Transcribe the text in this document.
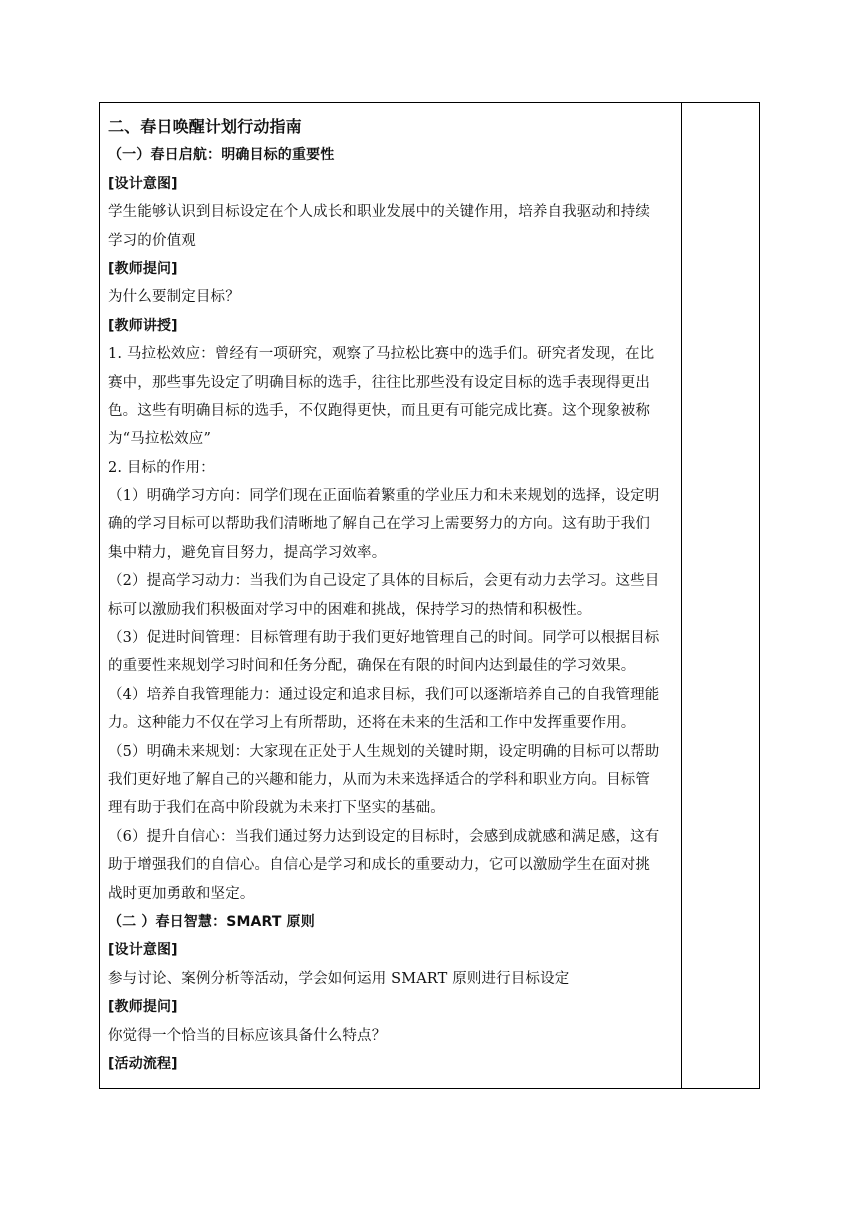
二、春日唤醒计划行动指南
（一）春日启航：明确目标的重要性
[设计意图]
学生能够认识到目标设定在个人成长和职业发展中的关键作用，培养自我驱动和持续
学习的价值观
[教师提问]
为什么要制定目标？
[教师讲授]
1. 马拉松效应：曾经有一项研究，观察了马拉松比赛中的选手们。研究者发现，在比
赛中，那些事先设定了明确目标的选手，往往比那些没有设定目标的选手表现得更出
色。这些有明确目标的选手，不仅跑得更快，而且更有可能完成比赛。这个现象被称
为“马拉松效应”
2. 目标的作用：
（1）明确学习方向：同学们现在正面临着繁重的学业压力和未来规划的选择，设定明
确的学习目标可以帮助我们清晰地了解自己在学习上需要努力的方向。这有助于我们
集中精力，避免盲目努力，提高学习效率。
（2）提高学习动力：当我们为自己设定了具体的目标后，会更有动力去学习。这些目
标可以激励我们积极面对学习中的困难和挑战，保持学习的热情和积极性。
（3）促进时间管理：目标管理有助于我们更好地管理自己的时间。同学可以根据目标
的重要性来规划学习时间和任务分配，确保在有限的时间内达到最佳的学习效果。
（4）培养自我管理能力：通过设定和追求目标，我们可以逐渐培养自己的自我管理能
力。这种能力不仅在学习上有所帮助，还将在未来的生活和工作中发挥重要作用。
（5）明确未来规划：大家现在正处于人生规划的关键时期，设定明确的目标可以帮助
我们更好地了解自己的兴趣和能力，从而为未来选择适合的学科和职业方向。目标管
理有助于我们在高中阶段就为未来打下坚实的基础。
（6）提升自信心：当我们通过努力达到设定的目标时，会感到成就感和满足感，这有
助于增强我们的自信心。自信心是学习和成长的重要动力，它可以激励学生在面对挑
战时更加勇敢和坚定。
（二 ）春日智慧：SMART 原则
[设计意图]
参与讨论、案例分析等活动，学会如何运用 SMART 原则进行目标设定
[教师提问]
你觉得一个恰当的目标应该具备什么特点？
[活动流程]
